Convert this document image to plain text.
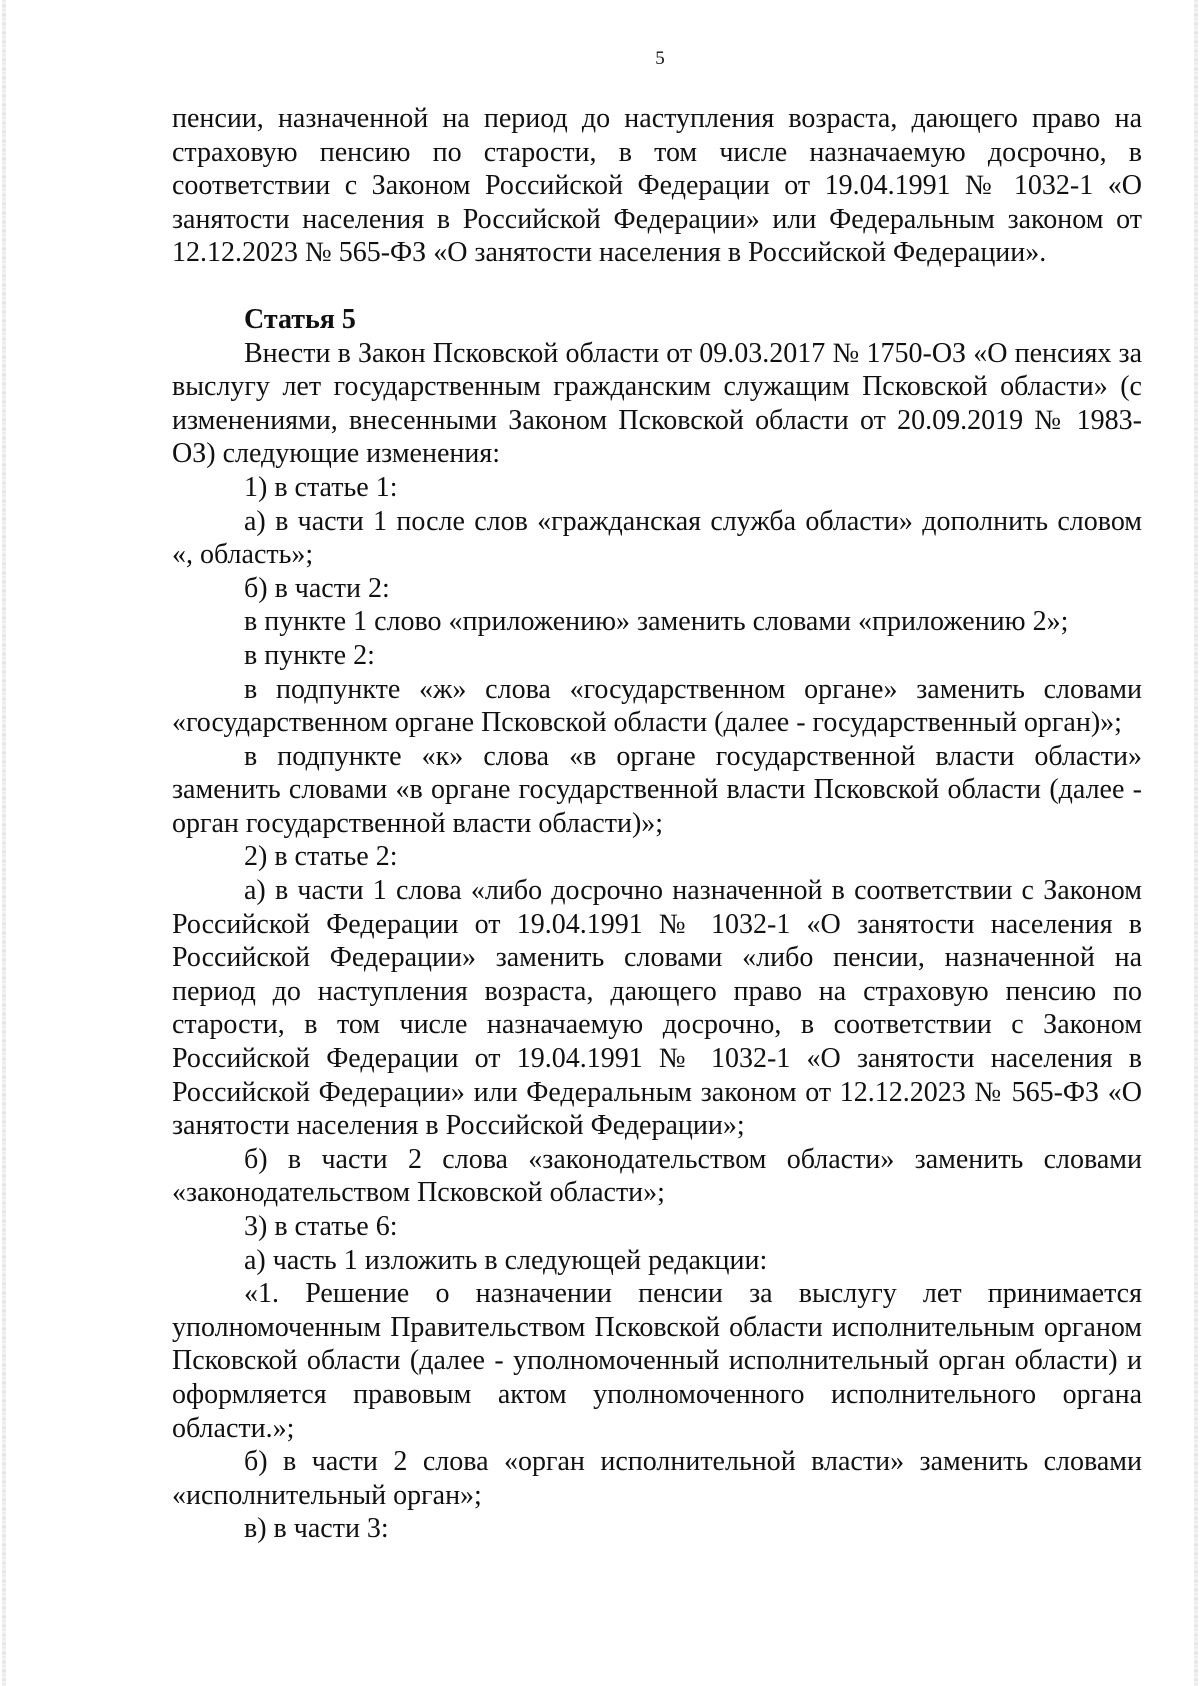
5

пенсии, назначенной на период до наступления возраста, дающего право на страховую пенсию по старости, в том числе назначаемую досрочно, в соответствии с Законом Российской Федерации от 19.04.1991 № 1032-1 «О занятости населения в Российской Федерации» или Федеральным законом от 12.12.2023 № 565-ФЗ «О занятости населения в Российской Федерации».

Статья 5

Внести в Закон Псковской области от 09.03.2017 № 1750-ОЗ «О пенсиях за выслугу лет государственным гражданским служащим Псковской области» (с изменениями, внесенными Законом Псковской области от 20.09.2019 № 1983-ОЗ) следующие изменения:

1) в статье 1:

а) в части 1 после слов «гражданская служба области» дополнить словом «, область»;

б) в части 2:

в пункте 1 слово «приложению» заменить словами «приложению 2»;

в пункте 2:

в подпункте «ж» слова «государственном органе» заменить словами «государственном органе Псковской области (далее - государственный орган)»;

в подпункте «к» слова «в органе государственной власти области» заменить словами «в органе государственной власти Псковской области (далее - орган государственной власти области)»;

2) в статье 2:

а) в части 1 слова «либо досрочно назначенной в соответствии с Законом Российской Федерации от 19.04.1991 № 1032-1 «О занятости населения в Российской Федерации» заменить словами «либо пенсии, назначенной на период до наступления возраста, дающего право на страховую пенсию по старости, в том числе назначаемую досрочно, в соответствии с Законом Российской Федерации от 19.04.1991 № 1032-1 «О занятости населения в Российской Федерации» или Федеральным законом от 12.12.2023 № 565-ФЗ «О занятости населения в Российской Федерации»;

б) в части 2 слова «законодательством области» заменить словами «законодательством Псковской области»;

3) в статье 6:

а) часть 1 изложить в следующей редакции:

«1. Решение о назначении пенсии за выслугу лет принимается уполномоченным Правительством Псковской области исполнительным органом Псковской области (далее - уполномоченный исполнительный орган области) и оформляется правовым актом уполномоченного исполнительного органа области.»;

б) в части 2 слова «орган исполнительной власти» заменить словами «исполнительный орган»;

в) в части 3:
